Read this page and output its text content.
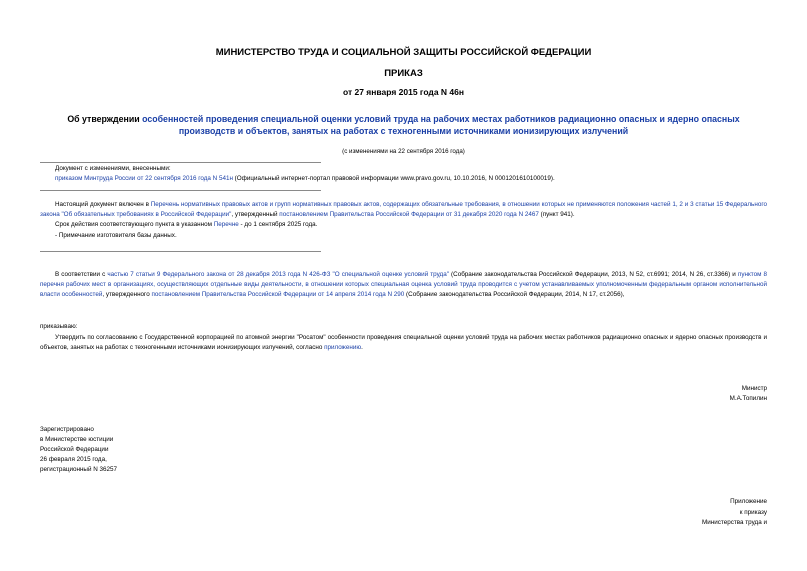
МИНИСТЕРСТВО ТРУДА И СОЦИАЛЬНОЙ ЗАЩИТЫ РОССИЙСКОЙ ФЕДЕРАЦИИ
ПРИКАЗ
от 27 января 2015 года N 46н
Об утверждении особенностей проведения специальной оценки условий труда на рабочих местах работников радиационно опасных и ядерно опасных производств и объектов, занятых на работах с техногенными источниками ионизирующих излучений
(с изменениями на 22 сентября 2016 года)
Документ с изменениями, внесенными:
приказом Минтруда России от 22 сентября 2016 года N 541н (Официальный интернет-портал правовой информации www.pravo.gov.ru, 10.10.2016, N 0001201610100019).
Настоящий документ включен в Перечень нормативных правовых актов и групп нормативных правовых актов, содержащих обязательные требования, в отношении которых не применяются положения частей 1, 2 и 3 статьи 15 Федерального закона "Об обязательных требованиях в Российской Федерации", утвержденный постановлением Правительства Российской Федерации от 31 декабря 2020 года N 2467 (пункт 941).
Срок действия соответствующего пункта в указанном Перечне - до 1 сентября 2025 года.
- Примечание изготовителя базы данных.
В соответствии с частью 7 статьи 9 Федерального закона от 28 декабря 2013 года N 426-ФЗ "О специальной оценке условий труда" (Собрание законодательства Российской Федерации, 2013, N 52, ст.6991; 2014, N 26, ст.3366) и пунктом 8 перечня рабочих мест в организациях, осуществляющих отдельные виды деятельности, в отношении которых специальная оценка условий труда проводится с учетом устанавливаемых уполномоченным федеральным органом исполнительной власти особенностей, утвержденного постановлением Правительства Российской Федерации от 14 апреля 2014 года N 290 (Собрание законодательства Российской Федерации, 2014, N 17, ст.2056),
приказываю:
Утвердить по согласованию с Государственной корпорацией по атомной энергии "Росатом" особенности проведения специальной оценки условий труда на рабочих местах работников радиационно опасных и ядерно опасных производств и объектов, занятых на работах с техногенными источниками ионизирующих излучений, согласно приложению.
Министр
М.А.Топилин
Зарегистрировано
в Министерстве юстиции
Российской Федерации
26 февраля 2015 года,
регистрационный N 36257
Приложение
к приказу
Министерства труда и
